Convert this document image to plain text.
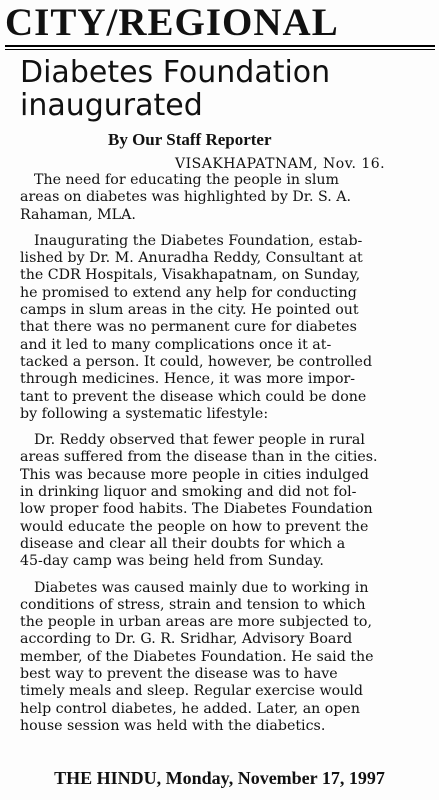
CITY/REGIONAL
Diabetes Foundation inaugurated
By Our Staff Reporter
VISAKHAPATNAM, Nov. 16.

The need for educating the people in slum
areas on diabetes was highlighted by Dr. S. A.
Rahaman, MLA.

Inaugurating the Diabetes Foundation, estab-
lished by Dr. M. Anuradha Reddy, Consultant at
the CDR Hospitals, Visakhapatnam, on Sunday,
he promised to extend any help for conducting
camps in slum areas in the city. He pointed out
that there was no permanent cure for diabetes
and it led to many complications once it at-
tacked a person. It could, however, be controlled
through medicines. Hence, it was more impor-
tant to prevent the disease which could be done
by following a systematic lifestyle:

Dr. Reddy observed that fewer people in rural
areas suffered from the disease than in the cities.
This was because more people in cities indulged
in drinking liquor and smoking and did not fol-
low proper food habits. The Diabetes Foundation
would educate the people on how to prevent the
disease and clear all their doubts for which a
45-day camp was being held from Sunday.

Diabetes was caused mainly due to working in
conditions of stress, strain and tension to which
the people in urban areas are more subjected to,
according to Dr. G. R. Sridhar, Advisory Board
member, of the Diabetes Foundation. He said the
best way to prevent the disease was to have
timely meals and sleep. Regular exercise would
help control diabetes, he added. Later, an open
house session was held with the diabetics.

THE HINDU, Monday, November 17, 1997
